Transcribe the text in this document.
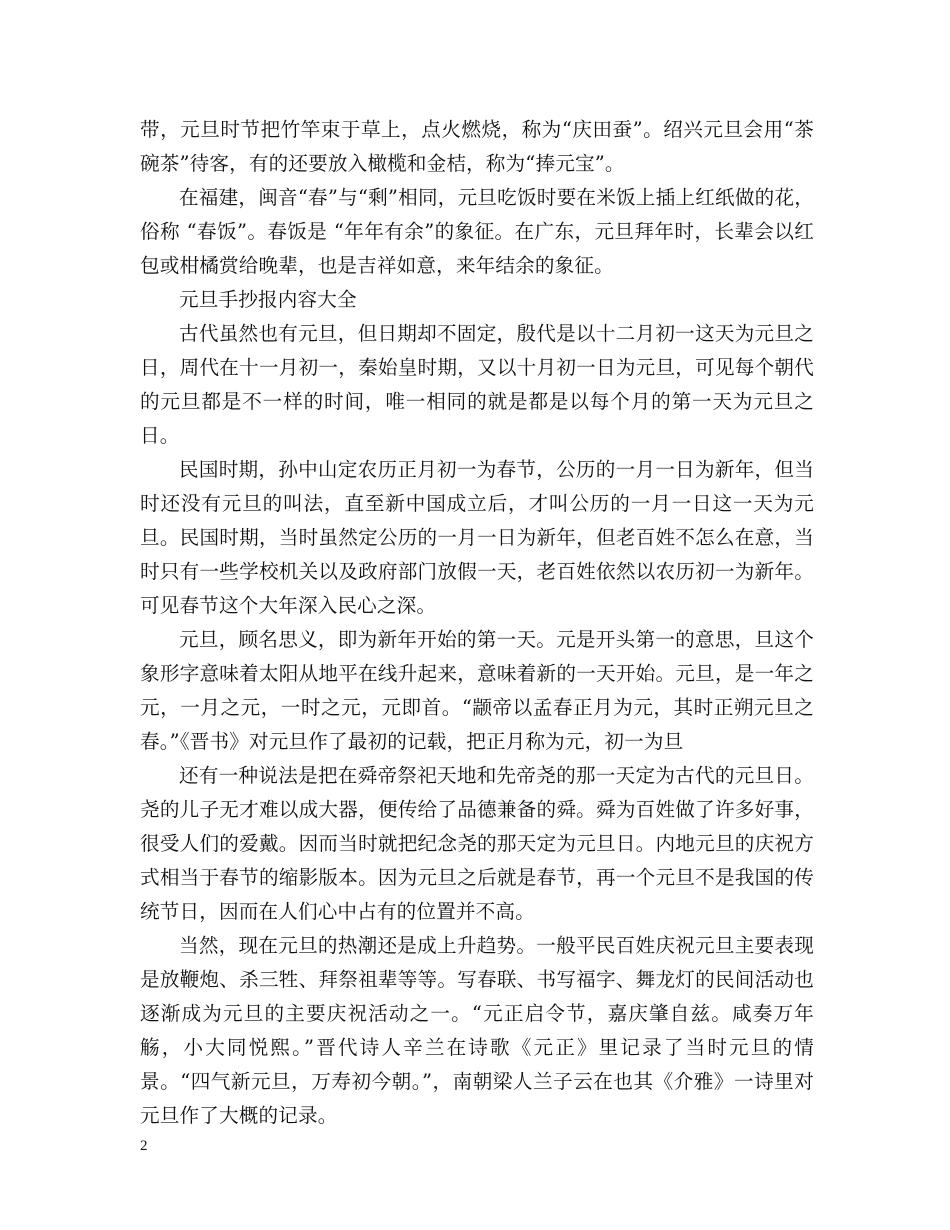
带，元旦时节把竹竿束于草上，点火燃烧，称为“庆田蚕”。绍兴元旦会用“茶碗茶”待客，有的还要放入橄榄和金桔，称为“捧元宝”。

在福建，闽音“春”与“剩”相同，元旦吃饭时要在米饭上插上红纸做的花，俗称 “春饭”。春饭是 “年年有余”的象征。在广东，元旦拜年时，长辈会以红包或柑橘赏给晚辈，也是吉祥如意，来年结余的象征。

元旦手抄报内容大全

古代虽然也有元旦，但日期却不固定，殷代是以十二月初一这天为元旦之日，周代在十一月初一，秦始皇时期，又以十月初一日为元旦，可见每个朝代的元旦都是不一样的时间，唯一相同的就是都是以每个月的第一天为元旦之日。

民国时期，孙中山定农历正月初一为春节，公历的一月一日为新年，但当时还没有元旦的叫法，直至新中国成立后，才叫公历的一月一日这一天为元旦。民国时期，当时虽然定公历的一月一日为新年，但老百姓不怎么在意，当时只有一些学校机关以及政府部门放假一天，老百姓依然以农历初一为新年。可见春节这个大年深入民心之深。

元旦，顾名思义，即为新年开始的第一天。元是开头第一的意思，旦这个象形字意味着太阳从地平在线升起来，意味着新的一天开始。元旦，是一年之元，一月之元，一时之元，元即首。“颛帝以孟春正月为元，其时正朔元旦之春。”《晋书》对元旦作了最初的记载，把正月称为元，初一为旦

还有一种说法是把在舜帝祭祀天地和先帝尧的那一天定为古代的元旦日。尧的儿子无才难以成大器，便传给了品德兼备的舜。舜为百姓做了许多好事，很受人们的爱戴。因而当时就把纪念尧的那天定为元旦日。内地元旦的庆祝方式相当于春节的缩影版本。因为元旦之后就是春节，再一个元旦不是我国的传统节日，因而在人们心中占有的位置并不高。

当然，现在元旦的热潮还是成上升趋势。一般平民百姓庆祝元旦主要表现是放鞭炮、杀三牲、拜祭祖辈等等。写春联、书写福字、舞龙灯的民间活动也逐渐成为元旦的主要庆祝活动之一。“元正启令节，嘉庆肇自兹。咸奏万年觞，小大同悦熙。”晋代诗人辛兰在诗歌《元正》里记录了当时元旦的情景。“四气新元旦，万寿初今朝。”，南朝梁人兰子云在也其《介雅》一诗里对元旦作了大概的记录。

2
